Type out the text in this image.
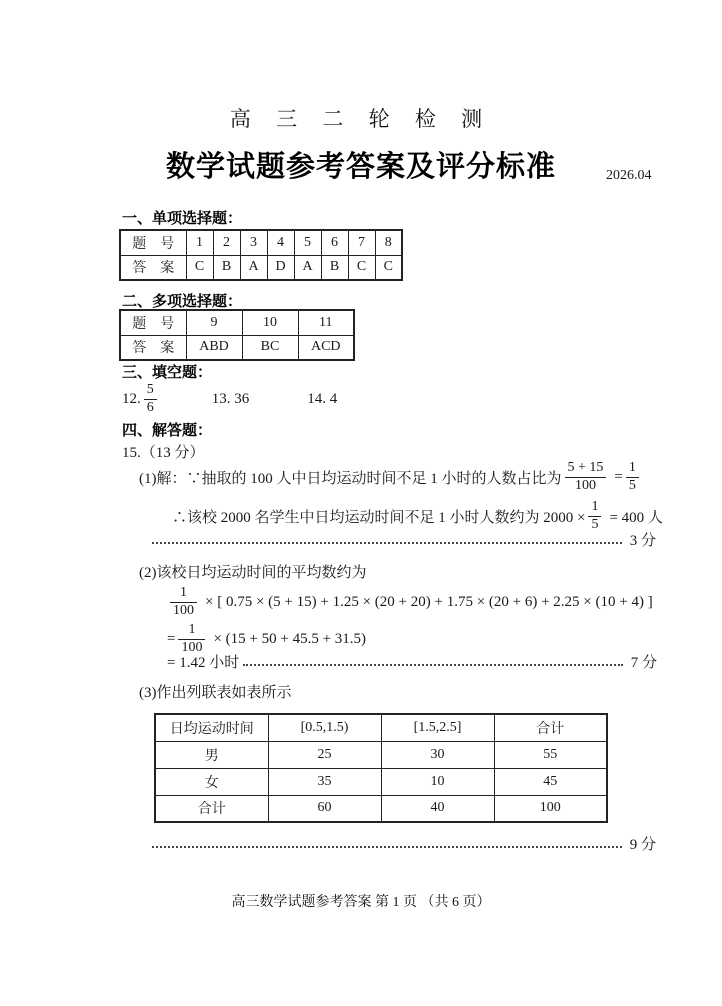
高 三 二 轮 检 测
数学试题参考答案及评分标准	2026.04
一、单项选择题：
题　号	1	2	3	4	5	6	7	8
答　案	C	B	A	D	A	B	C	C
二、多项选择题：
题　号	9	10	11
答　案	ABD	BC	ACD
三、填空题：
12. $\frac{5}{6}$	13. 36	14. 4
四、解答题：
15.（13 分）
(1)解：∵抽取的 100 人中日均运动时间不足 1 小时的人数占比为 $\frac{5 + 15}{100} = \frac{1}{5}$
∴该校 2000 名学生中日均运动时间不足 1 小时人数约为 $2000 \times \frac{1}{5} = 400$ 人
3 分
(2)该校日均运动时间的平均数约为
$\frac{1}{100}$ × [ 0.75 × (5 + 15) + 1.25 × (20 + 20) + 1.75 × (20 + 6) + 2.25 × (10 + 4) ]
= $\frac{1}{100} \times (15 + 50 + 45.5 + 31.5)$
= 1.42 小时	7 分
(3)作出列联表如表所示
日均运动时间	[0.5,1.5)	[1.5,2.5]	合计
男	25	30	55
女	35	10	45
合计	60	40	100
9 分
高三数学试题参考答案 第 1 页 （共 6 页）
